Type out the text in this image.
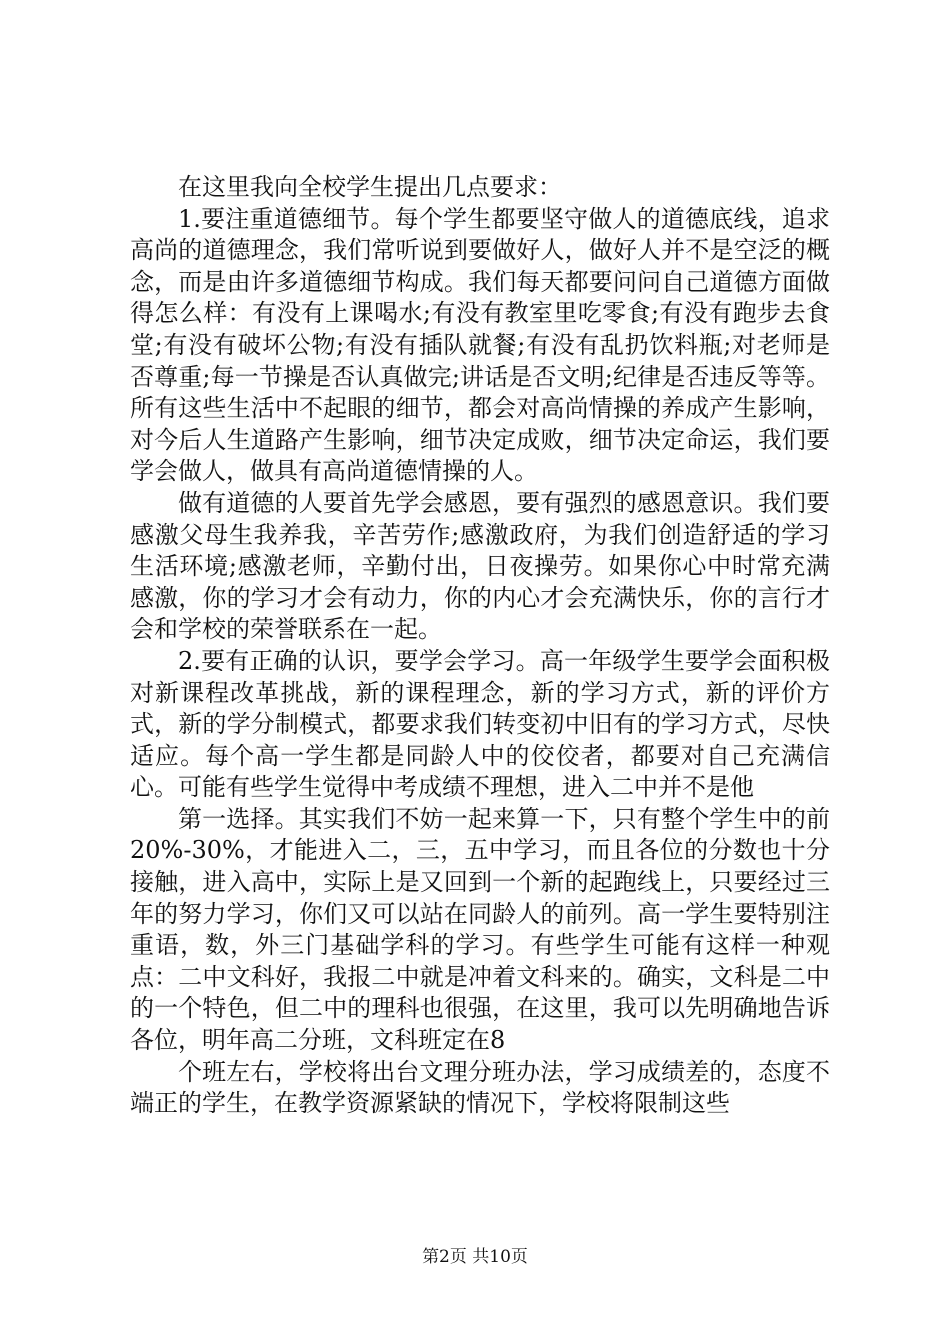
在这里我向全校学生提出几点要求：

1.要注重道德细节。每个学生都要坚守做人的道德底线，追求高尚的道德理念，我们常听说到要做好人，做好人并不是空泛的概念，而是由许多道德细节构成。我们每天都要问问自己道德方面做得怎么样：有没有上课喝水;有没有教室里吃零食;有没有跑步去食堂;有没有破坏公物;有没有插队就餐;有没有乱扔饮料瓶;对老师是否尊重;每一节操是否认真做完;讲话是否文明;纪律是否违反等等。所有这些生活中不起眼的细节，都会对高尚情操的养成产生影响，对今后人生道路产生影响，细节决定成败，细节决定命运，我们要学会做人，做具有高尚道德情操的人。

做有道德的人要首先学会感恩，要有强烈的感恩意识。我们要感激父母生我养我，辛苦劳作;感激政府，为我们创造舒适的学习生活环境;感激老师，辛勤付出，日夜操劳。如果你心中时常充满感激，你的学习才会有动力，你的内心才会充满快乐，你的言行才会和学校的荣誉联系在一起。

2.要有正确的认识，要学会学习。高一年级学生要学会面积极对新课程改革挑战，新的课程理念，新的学习方式，新的评价方式，新的学分制模式，都要求我们转变初中旧有的学习方式，尽快适应。每个高一学生都是同龄人中的佼佼者，都要对自己充满信心。可能有些学生觉得中考成绩不理想，进入二中并不是他

第一选择。其实我们不妨一起来算一下，只有整个学生中的前20%-30%，才能进入二，三，五中学习，而且各位的分数也十分接触，进入高中，实际上是又回到一个新的起跑线上，只要经过三年的努力学习，你们又可以站在同龄人的前列。高一学生要特别注重语，数，外三门基础学科的学习。有些学生可能有这样一种观点：二中文科好，我报二中就是冲着文科来的。确实，文科是二中的一个特色，但二中的理科也很强，在这里，我可以先明确地告诉各位，明年高二分班，文科班定在8

个班左右，学校将出台文理分班办法，学习成绩差的，态度不端正的学生，在教学资源紧缺的情况下，学校将限制这些

第2页 共10页
